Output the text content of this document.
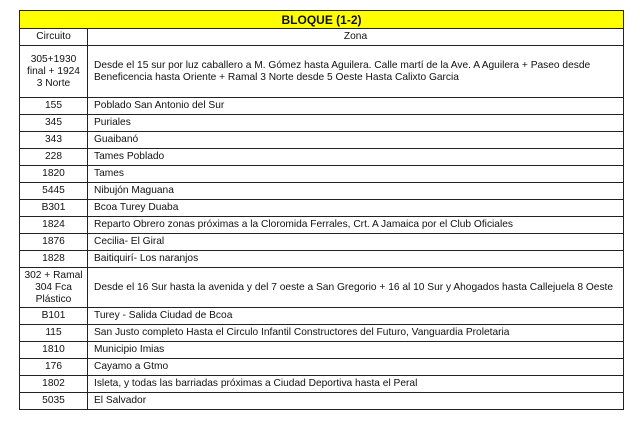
BLOQUE (1-2)	
Circuito	Zona
305+1930 final + 1924 3 Norte	Desde el 15 sur por luz caballero a M. Gómez hasta Aguilera. Calle martí de la Ave. A Aguilera + Paseo desde Beneficencia hasta Oriente + Ramal 3 Norte desde 5 Oeste Hasta Calixto Garcia
155	Poblado San Antonio del Sur
345	Puriales
343	Guaibanó
228	Tames Poblado
1820	Tames
5445	Nibujón Maguana
B301	Bcoa Turey Duaba
1824	Reparto Obrero zonas próximas a la Cloromida Ferrales, Crt. A Jamaica por el Club Oficiales
1876	Cecilia- El Giral
1828	Baitiquirí- Los naranjos
302 + Ramal 304 Fca Plástico	Desde el 16 Sur hasta la avenida y del 7 oeste a San Gregorio + 16 al 10 Sur y Ahogados hasta Callejuela 8 Oeste
B101	Turey - Salida Ciudad de Bcoa
115	San Justo completo Hasta el Circulo Infantil Constructores del Futuro, Vanguardia Proletaria
1810	Municipio Imias
176	Cayamo a Gtmo
1802	Isleta, y todas las barriadas próximas a Ciudad Deportiva hasta el Peral
5035	El Salvador
